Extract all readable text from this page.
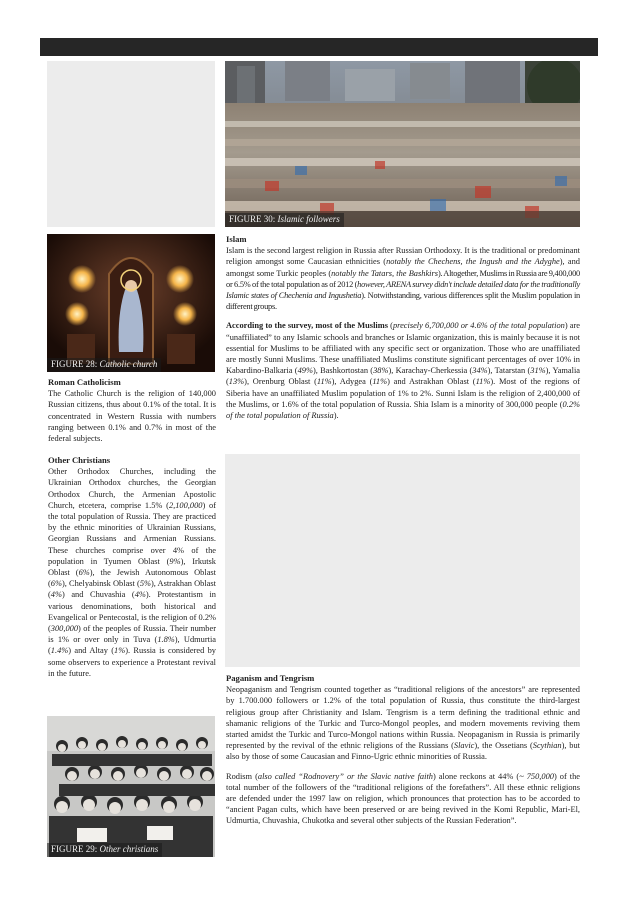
FIGURE 30: Islamic followers
FIGURE 28: Catholic church
Roman Catholicism

The Catholic Church is the religion of 140,000 Russian citizens, thus about 0.1% of the total. It is concentrated in Western Russia with numbers ranging between 0.1% and 0.7% in most of the federal subjects.

Other Christians

Other Orthodox Churches, including the Ukrainian Orthodox churches, the Georgian Orthodox Church, the Armenian Apostolic Church, etcetera, comprise 1.5% (2,100,000) of the total population of Russia. They are practiced by the ethnic minorities of Ukrainian Russians, Georgian Russians and Armenian Russians. These churches comprise over 4% of the population in Tyumen Oblast (9%), Irkutsk Oblast (6%), the Jewish Autonomous Oblast (6%), Chelyabinsk Oblast (5%), Astrakhan Oblast (4%) and Chuvashia (4%). Protestantism in various denominations, both historical and Evangelical or Pentecostal, is the religion of 0.2% (300,000) of the peoples of Russia. Their number is 1% or over only in Tuva (1.8%), Udmurtia (1.4%) and Altay (1%). Russia is considered by some observers to experience a Protestant revival in the future.

FIGURE 29: Other christians
Islam

Islam is the second largest religion in Russia after Russian Orthodoxy. It is the traditional or predominant religion amongst some Caucasian ethnicities (notably the Chechens, the Ingush and the Adyghe), and amongst some Turkic peoples (notably the Tatars, the Bashkirs). Altogether, Muslims in Russia are 9,400,000 or 6.5% of the total population as of 2012 (however, ARENA survey didn't include detailed data for the traditionally Islamic states of Chechenia and Ingushetia). Notwithstanding, various differences split the Muslim population in different groups.

According to the survey, most of the Muslims (precisely 6,700,000 or 4.6% of the total population) are “unaffiliated” to any Islamic schools and branches or Islamic organization, this is mainly because it is not essential for Muslims to be affiliated with any specific sect or organization. Those who are unaffiliated are mostly Sunni Muslims. These unaffiliated Muslims constitute significant percentages of over 10% in Kabardino-Balkaria (49%), Bashkortostan (38%), Karachay-Cherkessia (34%), Tatarstan (31%), Yamalia (13%), Orenburg Oblast (11%), Adygea (11%) and Astrakhan Oblast (11%). Most of the regions of Siberia have an unaffiliated Muslim population of 1% to 2%. Sunni Islam is the religion of 2,400,000 of the Muslims, or 1.6% of the total population of Russia. Shia Islam is a minority of 300,000 people (0.2% of the total population of Russia).

Paganism and Tengrism

Neopaganism and Tengrism counted together as “traditional religions of the ancestors” are represented by 1.700.000 followers or 1.2% of the total population of Russia, thus constitute the third-largest religious group after Christianity and Islam. Tengrism is a term defining the traditional ethnic and shamanic religions of the Turkic and Turco-Mongol peoples, and modern movements reviving them started amidst the Turkic and Turco-Mongol nations within Russia. Neopaganism in Russia is primarily represented by the revival of the ethnic religions of the Russians (Slavic), the Ossetians (Scythian), but also by those of some Caucasian and Finno-Ugric ethnic minorities of Russia.

Rodism (also called “Rodnovery” or the Slavic native faith) alone reckons at 44% (~ 750,000) of the total number of the followers of the “traditional religions of the forefathers”. All these ethnic religions are defended under the 1997 law on religion, which pronounces that protection has to be accorded to “ancient Pagan cults, which have been preserved or are being revived in the Komi Republic, Mari-El, Udmurtia, Chuvashia, Chukotka and several other subjects of the Russian Federation”.
